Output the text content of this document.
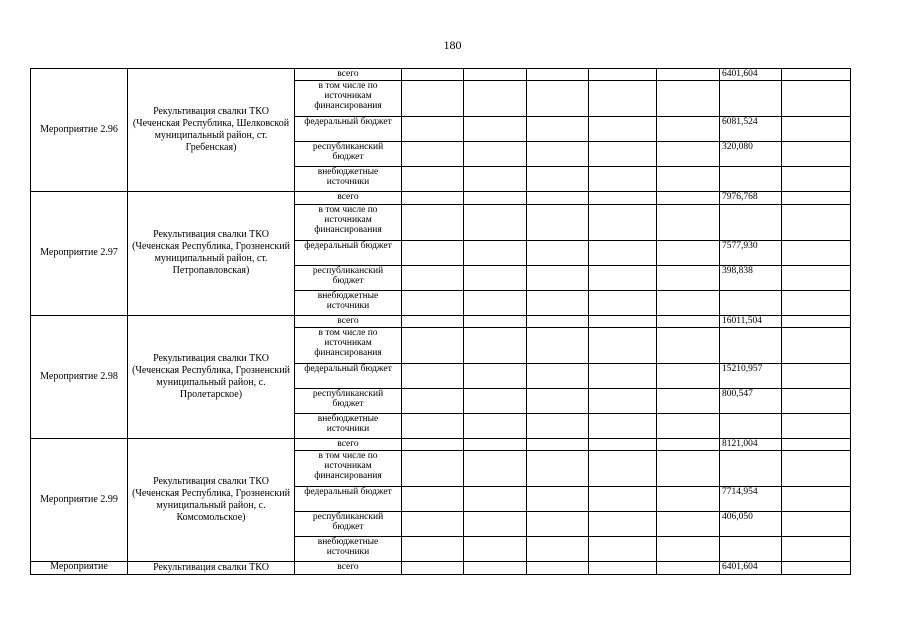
180
Мероприятие 2.96	Рекультивация свалки ТКО (Чеченская Республика, Шелковской муниципальный район, ст. Гребенская)	всего						6401,604	
		в том числе по источникам финансирования							
		федеральный бюджет						6081,524	
		республиканский бюджет						320,080	
		внебюджетные источники							
Мероприятие 2.97	Рекультивация свалки ТКО (Чеченская Республика, Грозненский муниципальный район, ст. Петропавловская)	всего						7976,768	
		в том числе по источникам финансирования							
		федеральный бюджет						7577,930	
		республиканский бюджет						398,838	
		внебюджетные источники							
Мероприятие 2.98	Рекультивация свалки ТКО (Чеченская Республика, Грозненский муниципальный район, с. Пролетарское)	всего						16011,504	
		в том числе по источникам финансирования							
		федеральный бюджет						15210,957	
		республиканский бюджет						800,547	
		внебюджетные источники							
Мероприятие 2.99	Рекультивация свалки ТКО (Чеченская Республика, Грозненский муниципальный район, с. Комсомольское)	всего						8121,004	
		в том числе по источникам финансирования							
		федеральный бюджет						7714,954	
		республиканский бюджет						406,050	
		внебюджетные источники							
Мероприятие	Рекультивация свалки ТКО	всего						6401,604	
